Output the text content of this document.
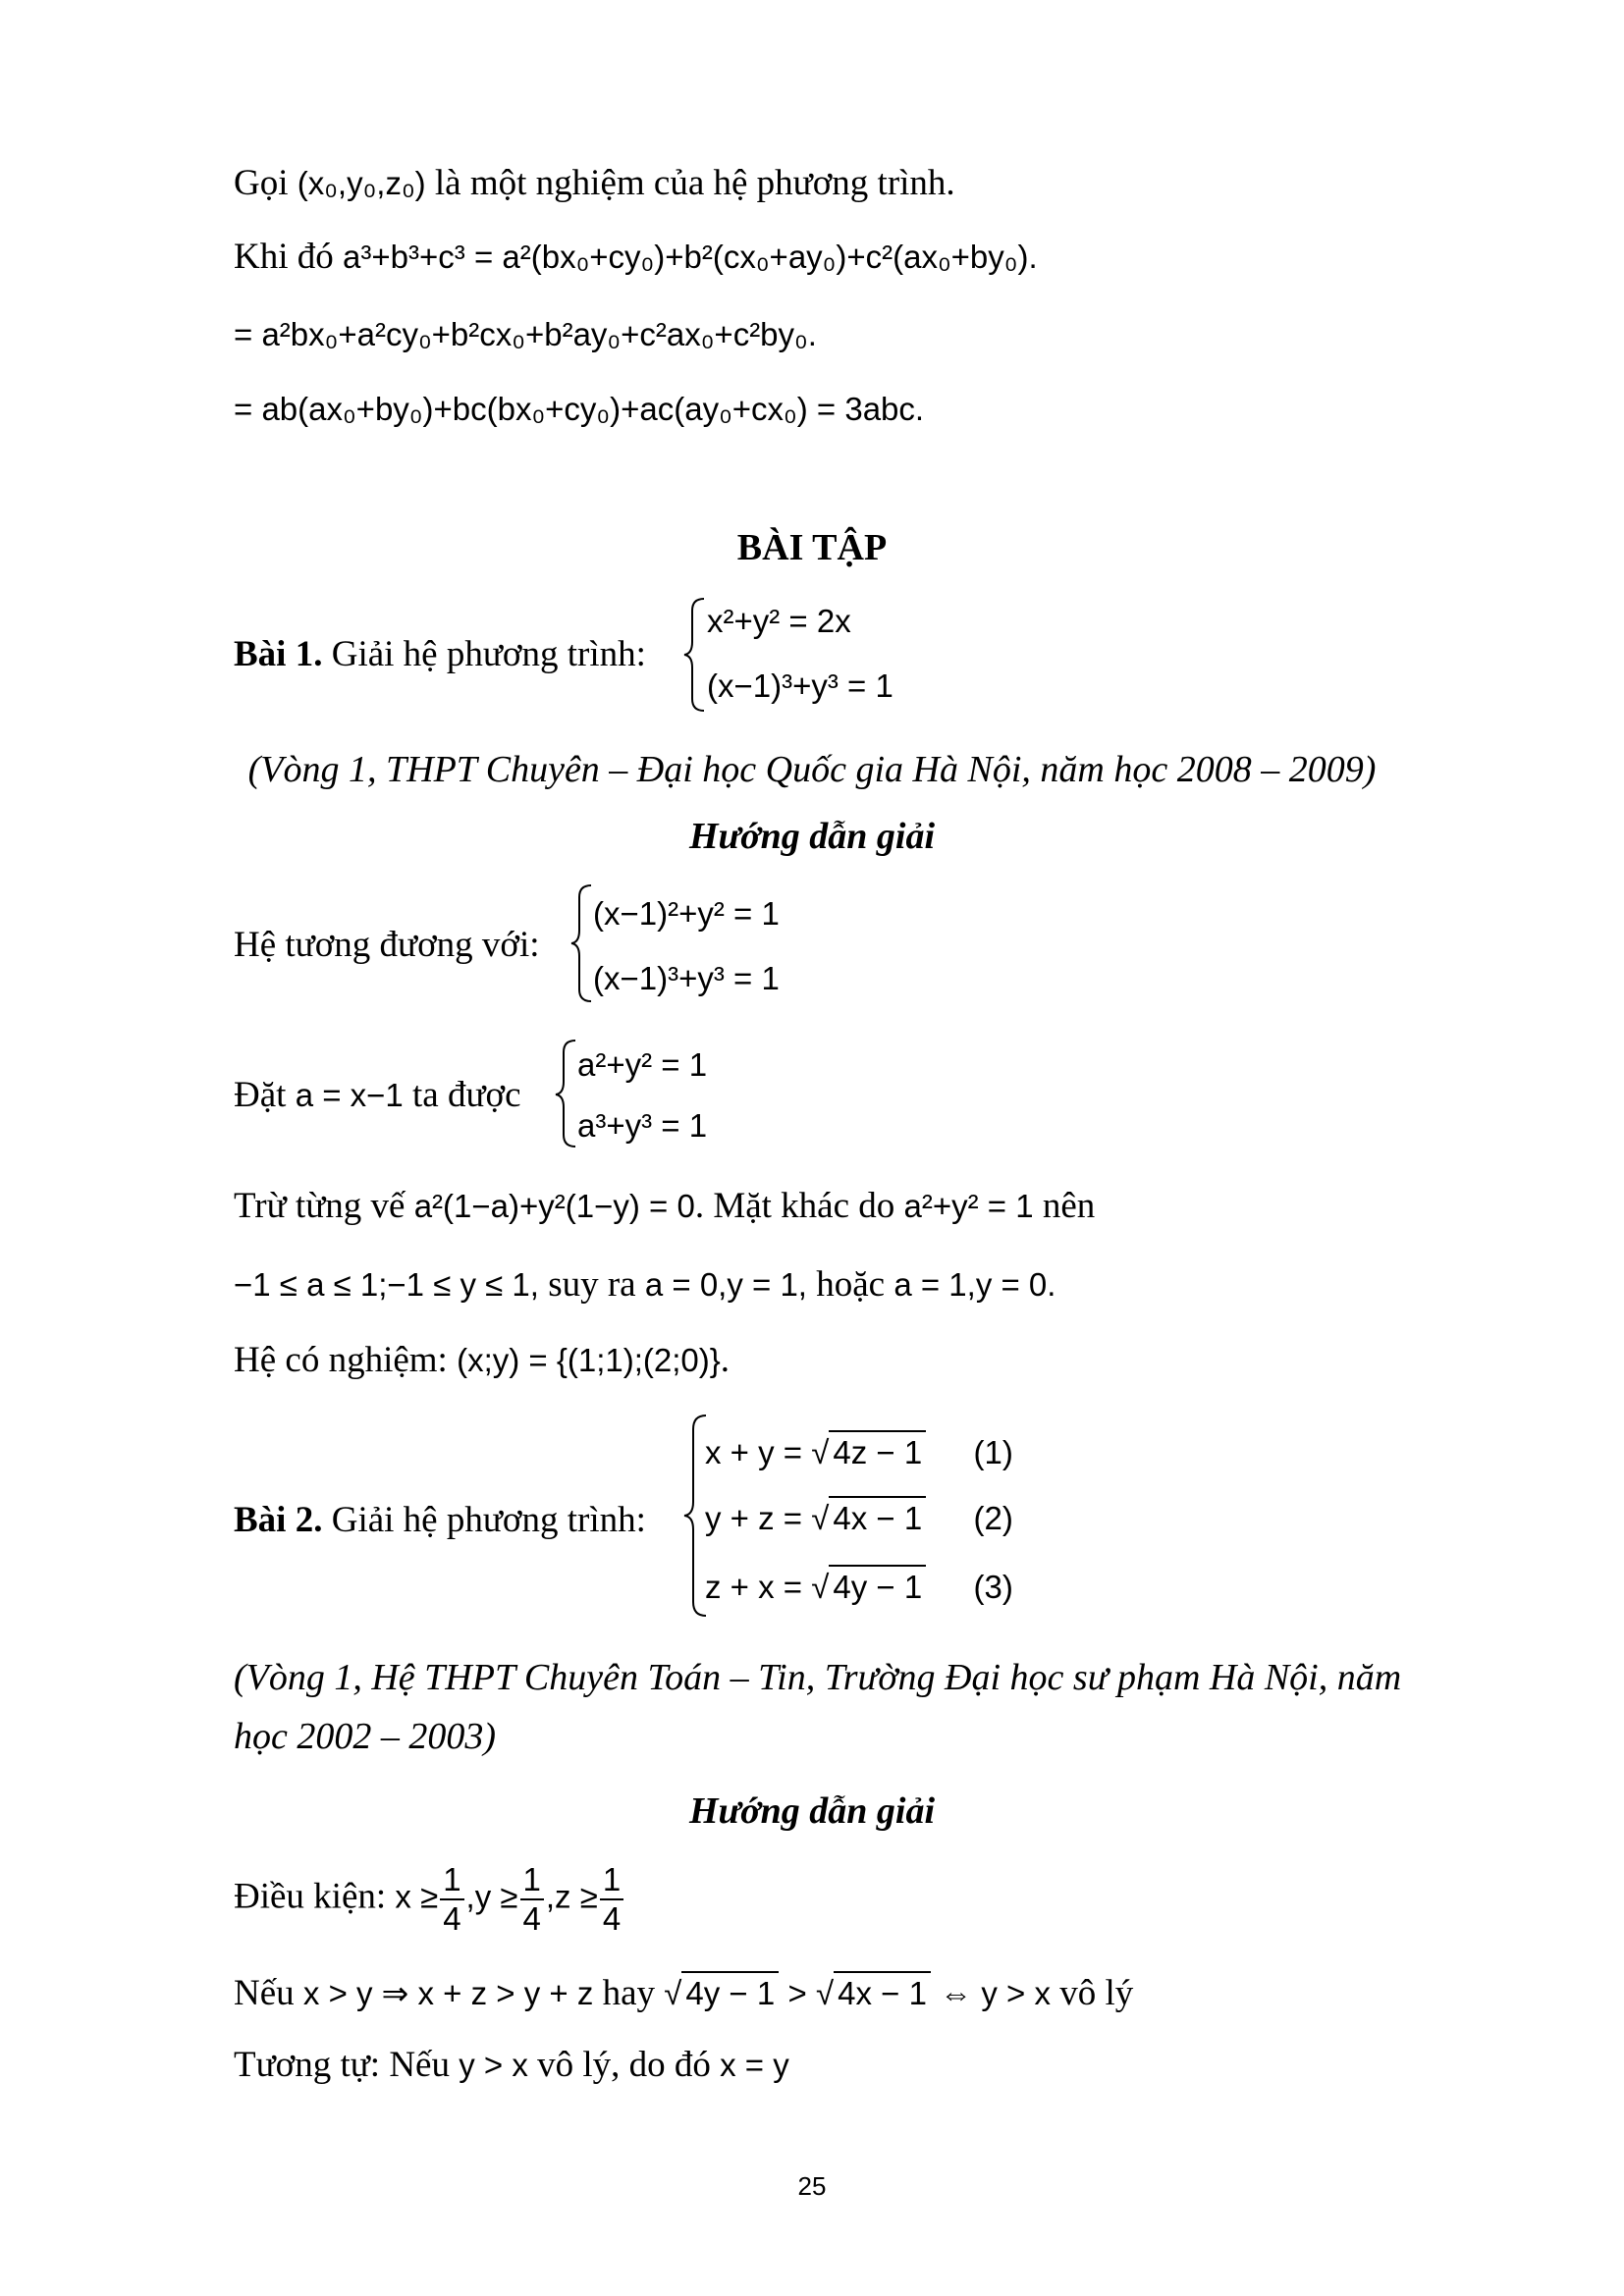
Gọi (x₀,y₀,z₀) là một nghiệm của hệ phương trình.
Khi đó a³+b³+c³ = a²(bx₀+cy₀)+b²(cx₀+ay₀)+c²(ax₀+by₀).
= a²bx₀+a²cy₀+b²cx₀+b²ay₀+c²ax₀+c²by₀.
= ab(ax₀+by₀)+bc(bx₀+cy₀)+ac(ay₀+cx₀) = 3abc.
BÀI TẬP
Bài 1. Giải hệ phương trình:
x²+y² = 2x
(x−1)³+y³ = 1
(Vòng 1, THPT Chuyên – Đại học Quốc gia Hà Nội, năm học 2008 – 2009)
Hướng dẫn giải
Hệ tương đương với:
(x−1)²+y² = 1
(x−1)³+y³ = 1
Đặt a = x−1 ta được
a²+y² = 1
a³+y³ = 1
Trừ từng vế a²(1−a)+y²(1−y) = 0. Mặt khác do a²+y² = 1 nên
−1 ≤ a ≤ 1;−1 ≤ y ≤ 1, suy ra a = 0,y = 1, hoặc a = 1,y = 0.
Hệ có nghiệm: (x;y) = {(1;1);(2;0)}.
Bài 2. Giải hệ phương trình:
x + y = √ 4z − 1 (1)
y + z = √ 4x − 1 (2)
z + x = √ 4y − 1 (3)
(Vòng 1, Hệ THPT Chuyên Toán – Tin, Trường Đại học sư phạm Hà Nội, năm
học 2002 – 2003)
Hướng dẫn giải
Điều kiện: $x \ge \frac{1}{4} ,y \ge \frac{1}{4} ,z \ge \frac{1}{4}$
Nếu x > y ⇒ x + z > y + z hay √ 4y − 1 > √ 4x − 1 ⇔ y > x vô lý
Tương tự: Nếu y > x vô lý, do đó x = y
25
